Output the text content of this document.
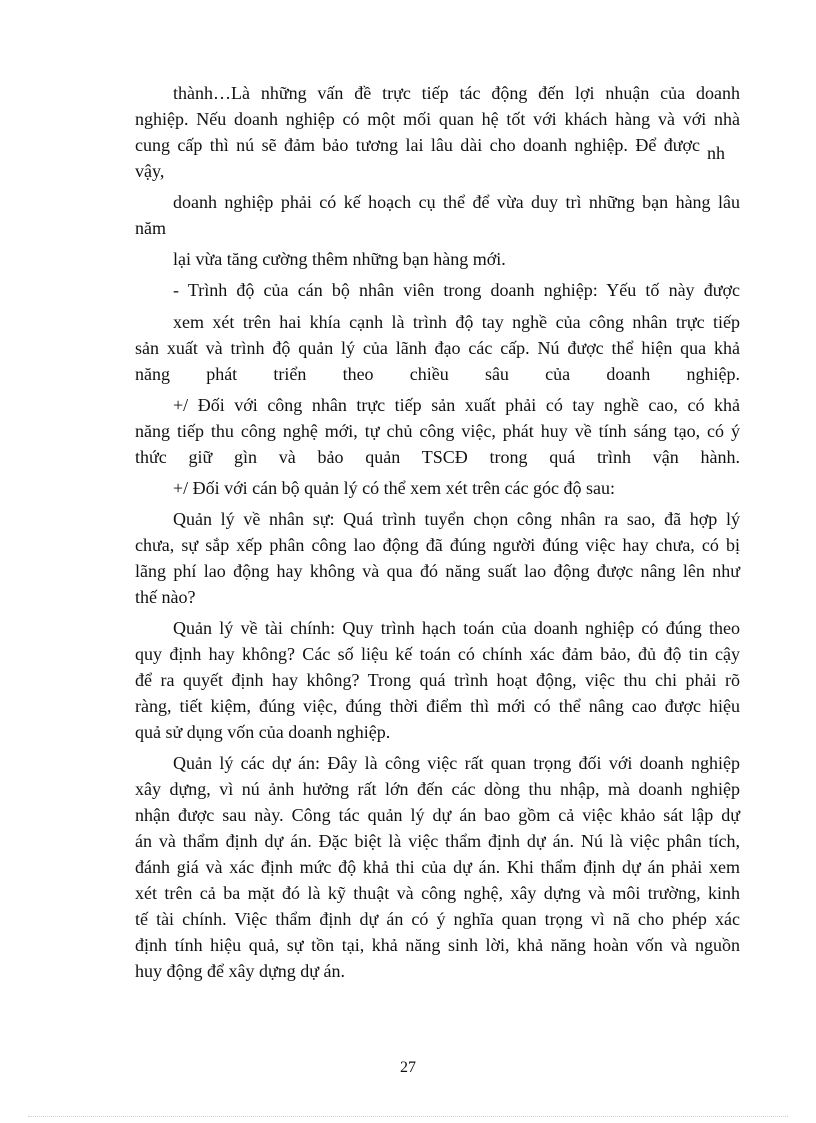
thành…Là những vấn đề trực tiếp tác động đến lợi nhuận của doanh
nghiệp. Nếu doanh nghiệp có một mối quan hệ tốt với khách hàng và với nhà
cung cấp thì nú sẽ đảm bảo tương lai lâu dài cho doanh nghiệp. Để được nh
vậy,
doanh nghiệp phải có kế hoạch cụ thể để vừa duy trì những bạn hàng lâu
năm
lại vừa tăng cường thêm những bạn hàng mới.
- Trình độ của cán bộ nhân viên trong doanh nghiệp: Yếu tố này được
xem xét trên hai khía cạnh là trình độ tay nghề của công nhân trực tiếp
sản xuất và trình độ quản lý của lãnh đạo các cấp. Nú được thể hiện qua khả
năng phát triển theo chiều sâu của doanh nghiệp.
+/ Đối với công nhân trực tiếp sản xuất phải có tay nghề cao, có khả
năng tiếp thu công nghệ mới, tự chủ công việc, phát huy về tính sáng tạo, có ý
thức giữ gìn và bảo quản TSCĐ trong quá trình vận hành.
+/ Đối với cán bộ quản lý có thể xem xét trên các góc độ sau:
Quản lý về nhân sự: Quá trình tuyển chọn công nhân ra sao, đã hợp lý
chưa, sự sắp xếp phân công lao động đã đúng người đúng việc hay chưa, có bị
lãng phí lao động hay không và qua đó năng suất lao động được nâng lên như
thế nào?
Quản lý về tài chính: Quy trình hạch toán của doanh nghiệp có đúng theo
quy định hay không? Các số liệu kế toán có chính xác đảm bảo, đủ độ tin cậy
để ra quyết định hay không? Trong quá trình hoạt động, việc thu chi phải rõ
ràng, tiết kiệm, đúng việc, đúng thời điểm thì mới có thể nâng cao được hiệu
quả sử dụng vốn của doanh nghiệp.
Quản lý các dự án: Đây là công việc rất quan trọng đối với doanh nghiệp
xây dựng, vì nú ảnh hưởng rất lớn đến các dòng thu nhập, mà doanh nghiệp
nhận được sau này. Công tác quản lý dự án bao gồm cả việc khảo sát lập dự
án và thẩm định dự án. Đặc biệt là việc thẩm định dự án. Nú là việc phân tích,
đánh giá và xác định mức độ khả thi của dự án. Khi thẩm định dự án phải xem
xét trên cả ba mặt đó là kỹ thuật và công nghệ, xây dựng và môi trường, kinh
tế tài chính. Việc thẩm định dự án có ý nghĩa quan trọng vì nã cho phép xác
định tính hiệu quả, sự tồn tại, khả năng sinh lời, khả năng hoàn vốn và nguồn
huy động để xây dựng dự án.
27
